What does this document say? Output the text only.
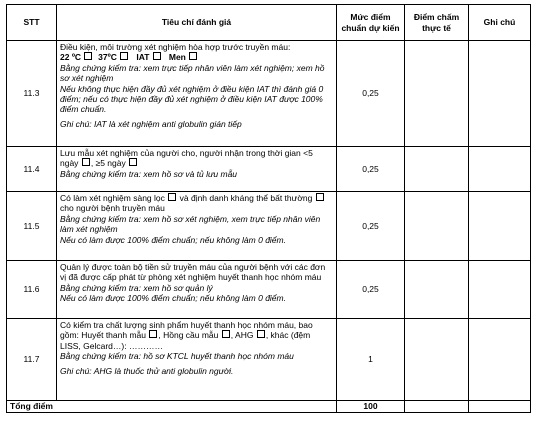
STT	Tiêu chí đánh giá	Mức điểm chuẩn dự kiến	Điểm chấm thực tế	Ghi chú
11.3	Điều kiện, môi trường xét nghiệm hòa hợp trước truyền máu:

22 ºC 37ºC IAT Men

Bằng chứng kiểm tra: xem trực tiếp nhân viên làm xét nghiệm; xem hồ sơ xét nghiệm

Nếu không thực hiện đầy đủ xét nghiệm ở điều kiện IAT thì đánh giá 0 điểm; nếu có thực hiện đầy đủ xét nghiệm ở điều kiện IAT được 100% điểm chuẩn.

Ghi chú: IAT là xét nghiệm anti globulin gián tiếp	0,25		
11.4	Lưu mẫu xét nghiệm của người cho, người nhận trong thời gian <5 ngày , ≥5 ngày

Bằng chứng kiểm tra: xem hồ sơ và tủ lưu mẫu	0,25		
11.5	Có làm xét nghiệm sàng lọc  và định danh kháng thể bất thường  cho người bệnh truyền máu

Bằng chứng kiểm tra: xem hồ sơ xét nghiệm, xem trực tiếp nhân viên làm xét nghiệm

Nếu có làm được 100% điểm chuẩn; nếu không làm 0 điểm.	0,25		
11.6	Quản lý được toàn bộ tiền sử truyền máu của người bệnh với các đơn vị đã được cấp phát từ phòng xét nghiệm huyết thanh học nhóm máu

Bằng chứng kiểm tra: xem hồ sơ quản lý

Nếu có làm được 100% điểm chuẩn; nếu không làm 0 điểm.	0,25		
11.7	Có kiểm tra chất lượng sinh phẩm huyết thanh học nhóm máu, bao gồm: Huyết thanh mẫu , Hồng cầu mẫu , AHG , khác (đệm LISS, Gelcard…): …………

Bằng chứng kiểm tra: hồ sơ KTCL huyết thanh học nhóm máu

Ghi chú: AHG là thuốc thử anti globulin người.	1		
Tổng điểm		100		
